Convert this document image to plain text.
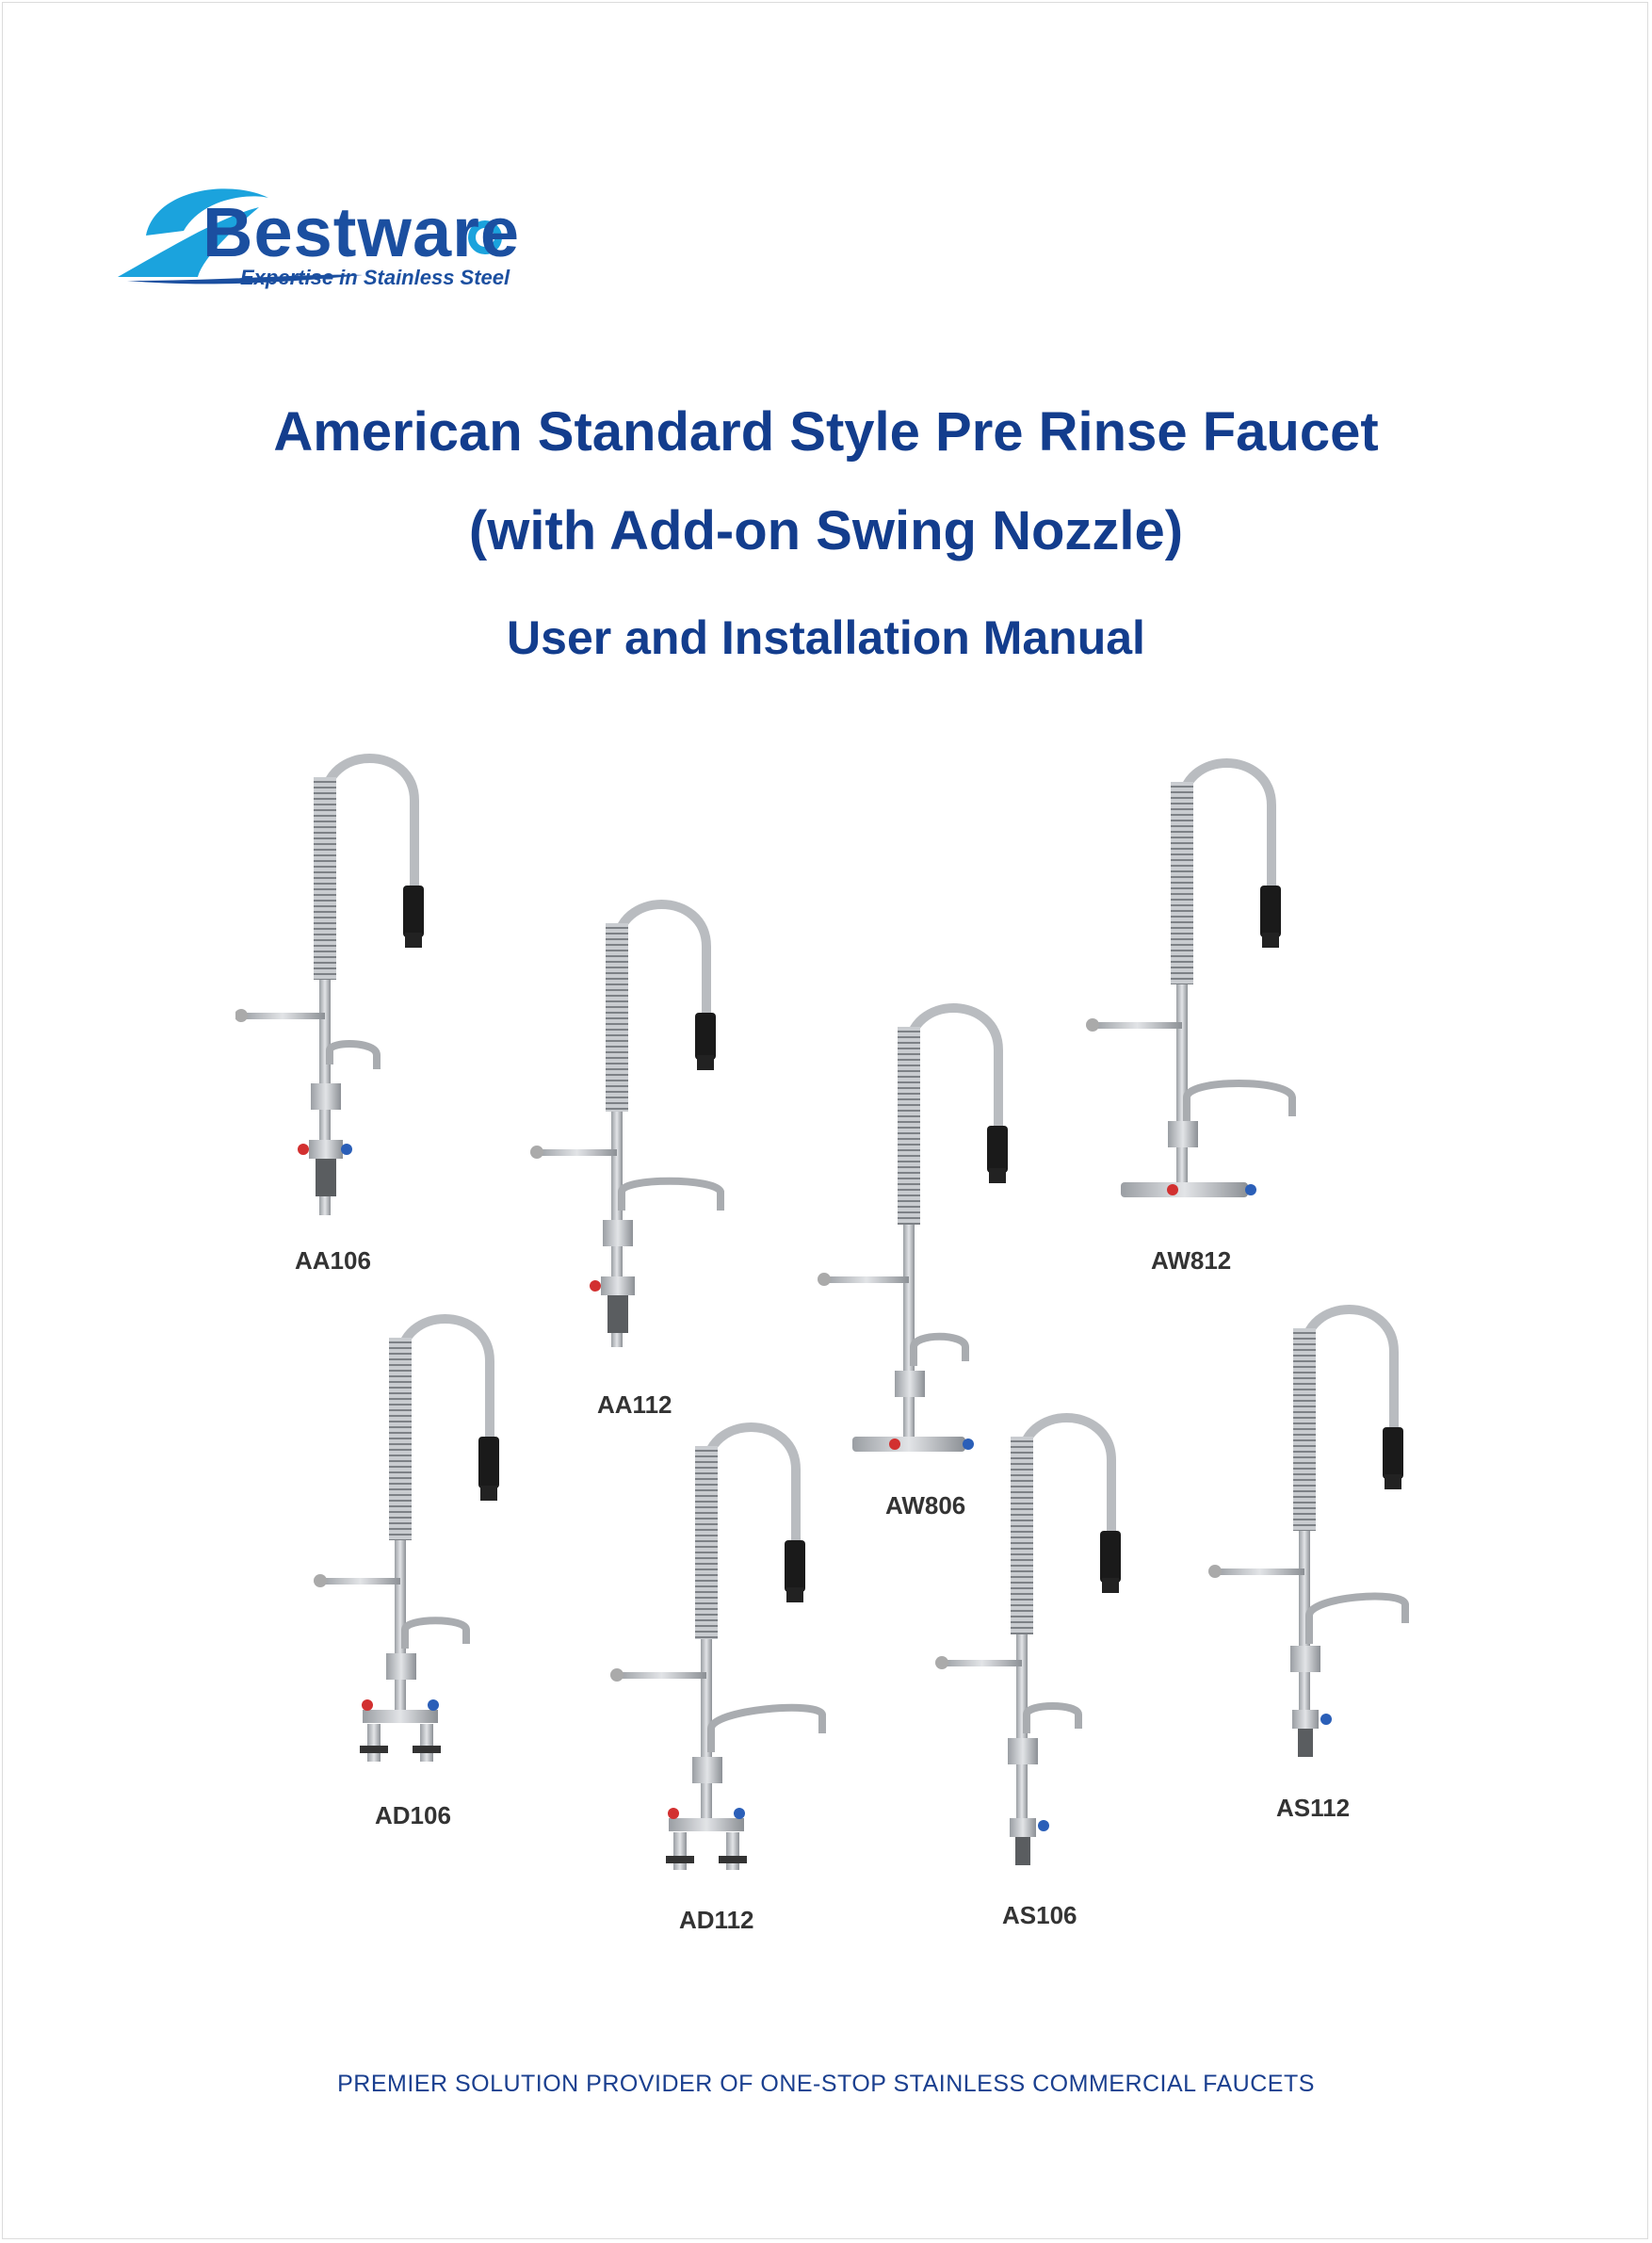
Bestware
Expertise in Stainless Steel
American Standard Style Pre Rinse Faucet
(with Add-on Swing Nozzle)
User and Installation Manual
AA106
AA112
AW806
AW812
AD106
AD112	AS106
AS112
PREMIER SOLUTION PROVIDER OF ONE-STOP STAINLESS COMMERCIAL FAUCETS
